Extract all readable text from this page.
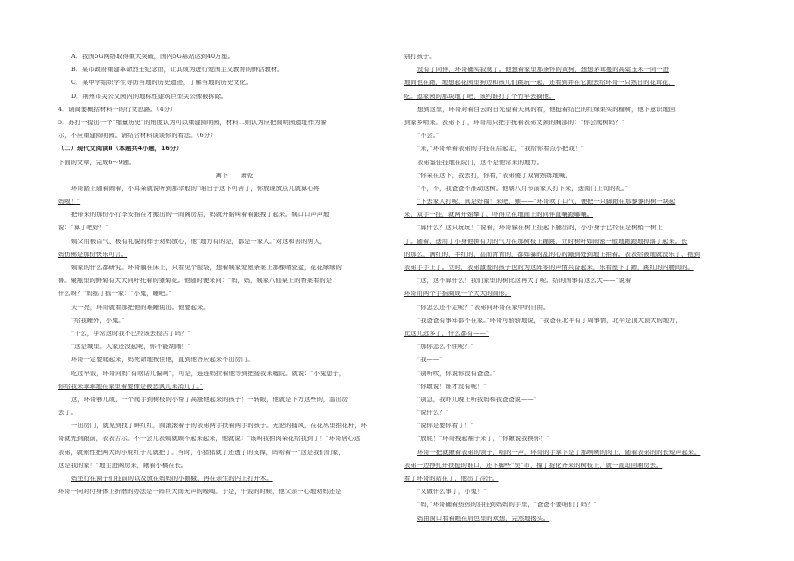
A．我国5G网络取得重大突破，国内5G基站达到40万座。
B．某市政府重建革命烈士纪念馆，让其成为进行爱国主义教育的鲜活教材。
C．某中学组织学生寻访当地的历史遗迹，了解当地的历史文化。
D．荆州市关公义园内的地标性建筑巨型关公像被拆除。
4．请简要概括材料一的行文思路。（4分）
5．苏打一提出一个“缩量历史”的角度认为可以重建圆明园，材料二则认为应把圆明园遗址作为警
示，不应重建圆明园。请结合材料谈谈你的看法。（6分）
（二）现代文阅读Ⅱ（本题共4小题，16分）
下面的文章，完成6～9题。
篱下　　萧乾
环哥踏上随着闹着，小耳朵就说听到那伞般的“咱日子这下可苦了，你放现放点儿就算心疼
妈啦！”
把带来的那份小行李安指在才搬出的一间阁房后，妈就开始叫着着跟拽了起来。姨口口声声地
说：“算了吧好！”
姨父用极首气、极有礼貌的样子劝妈放心，他“地方有的是，都是一家人。”对这和善的男人，
妈仿佛是那份快乐可言。
姨家的什么都研究。环哥躺在床上，只看见个脸袋，想着姨家爱屋条案上那棵晴瓷盆，花花绿绿的
鲁。聚瓶里的鲜菊有大大同叶托着的雏菊花。他随时便来问：“妈，妈，姨家八仙桌上的香案看的是
什么呀？”妈摇了摇一家：“小鬼，睡吧。”
天一亮，环哥就看那把他的难睡鱼出。他要起来。
“给我睡外，小鬼。”
“干么，乎常这时我不已经该去捡舌了吗？”
“这是城里。人家还没起呢，你不能胡闹！”
环哥一定要爬起来，妈死命地按住他，直到他答应起来不出房门。
吃过早饭，环哥问妈“有啥话儿偏呵”，可是，连连妈拉着他等到把接我来嘘院。就说：“小兔崽子，
你给我来乖乖地在家里着要像是被恶讽儿来消几了。”
这，环哥够儿成，一个爬手到树枝的小帮了高涨他起来的孩子！一转眼，他就是下方这些的，温出房
去了。
一出房门，就见到找了畔红红，圆滚滚着子的表弟两手扶着两手的孩子。无论的捕风，在花丛里拍花籽，环
哥就先到跟前，表表舌示。不一会儿表姨就顾不起来起来，他就说：“该叫我拍肉朵花给我到了！”环哥居心远
表弟，就索性把两大的小屁红子儿就把了。当时，小猪猪就了还透了的支撑，吗哈着一“这是我们们家，
这是我的家！”地主进阁房来，瞅着小橘在长。
妈坐行在窗子们挂前的以及放在妈妈的小鹅蛾，再在亲生的内上打开木。
环哥一向对付身体上折磨的办法是一阵巨大而无声的嚎啕。于是，午饭的时候，他父亲一心地劝妈还是
别打孩子。
没有了同伴，环哥确实寂寞了。他想着家里那条怀的黄狗，想想茅茸蔓的高粱玉米一同一进
地间也在跑，地想起花园里狗边和孩儿们跳玩一起，还看到并在它跑去给环哥一只熟日的花茸花，
吃。逗家园的那块地了吧，该约谁打了个竹竿去摘他。
想到这里，环哥对着白云的日光望着天真的看，他挺着结巴的红绿果实的榆树，他下意识地回
到家乡啃来。表弟下了，环哥用只把手抚着表弟文颈的胸部的：“你会爬树吗？”
“不会。”
“来，”环哥牵着表弟的手挂在后起走，“我给你看点小把戏！”
表弟鉴佳挂地在院门，这不是他常来的地方。
“你呆在这下，我去打，你看，”表弟傻了双臂熟练地喊，
“不，不，我爸爸不准动这树。他朝八月节前家人打下来，送南门上司的礼。”
“下去家人打呢，真是好福！来吧，猴——”环哥吹了口气，便把一只脚蹬在那寥寥的树一块起
来，双手一挂，就两开始攀了，吓得立在地面上的同伴直嚷跑嘟嚷。
“算什么？这只玩玩！”说着，环哥躲在树上挂起下腿出的，小小身子已经在是树梢一树上
了。随着，送用了小身他拼有力的气力在那树枝上蹦跳，立时树叶如雨密一般地跑跑地掉落了起来。长
的那么，满红的，半红的，甚而青青的，都如暴的乱的心的蹦到处到地上拍着。表表给被地就没乐了，抱到
表弟手手上了。立时，表弟激羞的孩子也的为这阵零的声情兴奋起来，乐看屋下了蹭，跳红的内腰间的。
“这，这不算什么！我们家里的树比这再大了呢。结的国事有这么大——”说着
环哥用两个手指圈成一个大大的圆形。
“你怎么还不走呢？”表弟问环哥在家中的自由。
“我爸爸有事年都不在家。”环哥可骄骄地说，“我爸在北平有了周事情，北平是顶大顶大的地方，
比这儿远多了，什么都有——”
“那你怎么不住呢？”
“我——”
“别听吹，你说你没有爸爸。”
“你敢说！谁才没有呢！”
“别急，我昨儿晚上听我妈和我爸爸说——”
“说什么？”
“说你是要你看了！”
“放屁！”环哥拽起袖子来了，“你瞅说我换你！”
环哥一把就揪着表弟的领子，咄的一声，环哥的手掌下是了那咧咧的肉上，随着表弟的的长短声起来。
表弟一边挣扎开扶挺的谁口，还下脚些“吴”市，撞了捉化齐来的树枝上，就一直迫回厢房去。
看了环哥的站在了，他出了冷汗。
“又做什么事了，小鬼！”
“妈，”环哥确着热热的泪挂到妈妈的手里，“爸爸不要咱们了吗？”
妈由窗口看着瞧在肩色里的欢想，完然地揭头。
